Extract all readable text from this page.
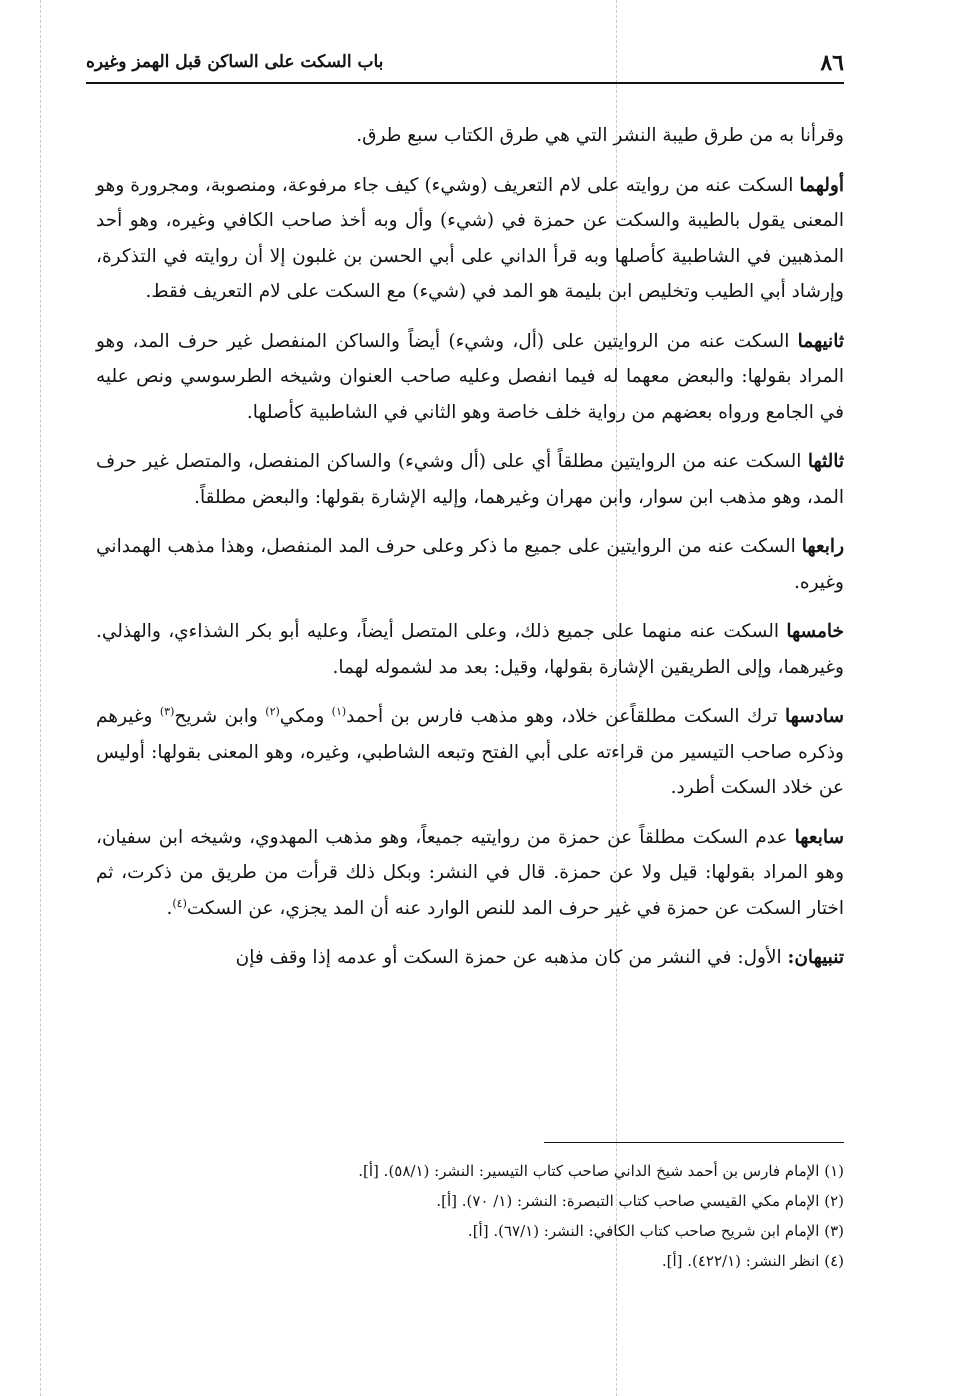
٨٦
باب السكت على الساكن قبل الهمز وغيره

وقرأنا به من طرق طيبة النشر التي هي طرق الكتاب سبع طرق.

أولهما السكت عنه من روايته على لام التعريف (وشيء) كيف جاء مرفوعة، ومنصوبة، ومجرورة وهو المعنى يقول بالطيبة والسكت عن حمزة في (شيء) وأل وبه أخذ صاحب الكافي وغيره، وهو أحد المذهبين في الشاطبية كأصلها وبه قرأ الداني على أبي الحسن بن غلبون إلا أن روايته في التذكرة، وإرشاد أبي الطيب وتخليص ابن بليمة هو المد في (شيء) مع السكت على لام التعريف فقط.

ثانيهما السكت عنه من الروايتين على (أل، وشيء) أيضاً والساكن المنفصل غير حرف المد، وهو المراد بقولها: والبعض معهما له فيما انفصل وعليه صاحب العنوان وشيخه الطرسوسي ونص عليه في الجامع ورواه بعضهم من رواية خلف خاصة وهو الثاني في الشاطبية كأصلها.

ثالثها السكت عنه من الروايتين مطلقاً أي على (أل وشيء) والساكن المنفصل، والمتصل غير حرف المد، وهو مذهب ابن سوار، وابن مهران وغيرهما، وإليه الإشارة بقولها: والبعض مطلقاً.

رابعها السكت عنه من الروايتين على جميع ما ذكر وعلى حرف المد المنفصل، وهذا مذهب الهمداني وغيره.

خامسها السكت عنه منهما على جميع ذلك، وعلى المتصل أيضاً، وعليه أبو بكر الشذاءي، والهذلي. وغيرهما، وإلى الطريقين الإشارة بقولها، وقيل: بعد مد لشموله لهما.

سادسها ترك السكت مطلقاًعن خلاد، وهو مذهب فارس بن أحمد$^{(١)}$ ومكي$^{(٢)}$ وابن شريح$^{(٣)}$ وغيرهم وذكره صاحب التيسير من قراءته على أبي الفتح وتبعه الشاطبي، وغيره، وهو المعنى بقولها: أوليس عن خلاد السكت أطرد.

سابعها عدم السكت مطلقاً عن حمزة من روايتيه جميعاً، وهو مذهب المهدوي، وشيخه ابن سفيان، وهو المراد بقولها: قيل ولا عن حمزة. قال في النشر: وبكل ذلك قرأت من طريق من ذكرت، ثم اختار السكت عن حمزة في غير حرف المد للنص الوارد عنه أن المد يجزي، عن السكت$^{(٤)}$.

تنبيهان: الأول: في النشر من كان مذهبه عن حمزة السكت أو عدمه إذا وقف فإن

(١) الإمام فارس بن أحمد شيخ الداني صاحب كتاب التيسير: النشر: (٥٨/١). [أ].
(٢) الإمام مكي القيسي صاحب كتاب التبصرة: النشر: (١/ ٧٠). [أ].
(٣) الإمام ابن شريح صاحب كتاب الكافي: النشر: (٦٧/١). [أ].
(٤) انظر النشر: (٤٢٢/١). [أ].
